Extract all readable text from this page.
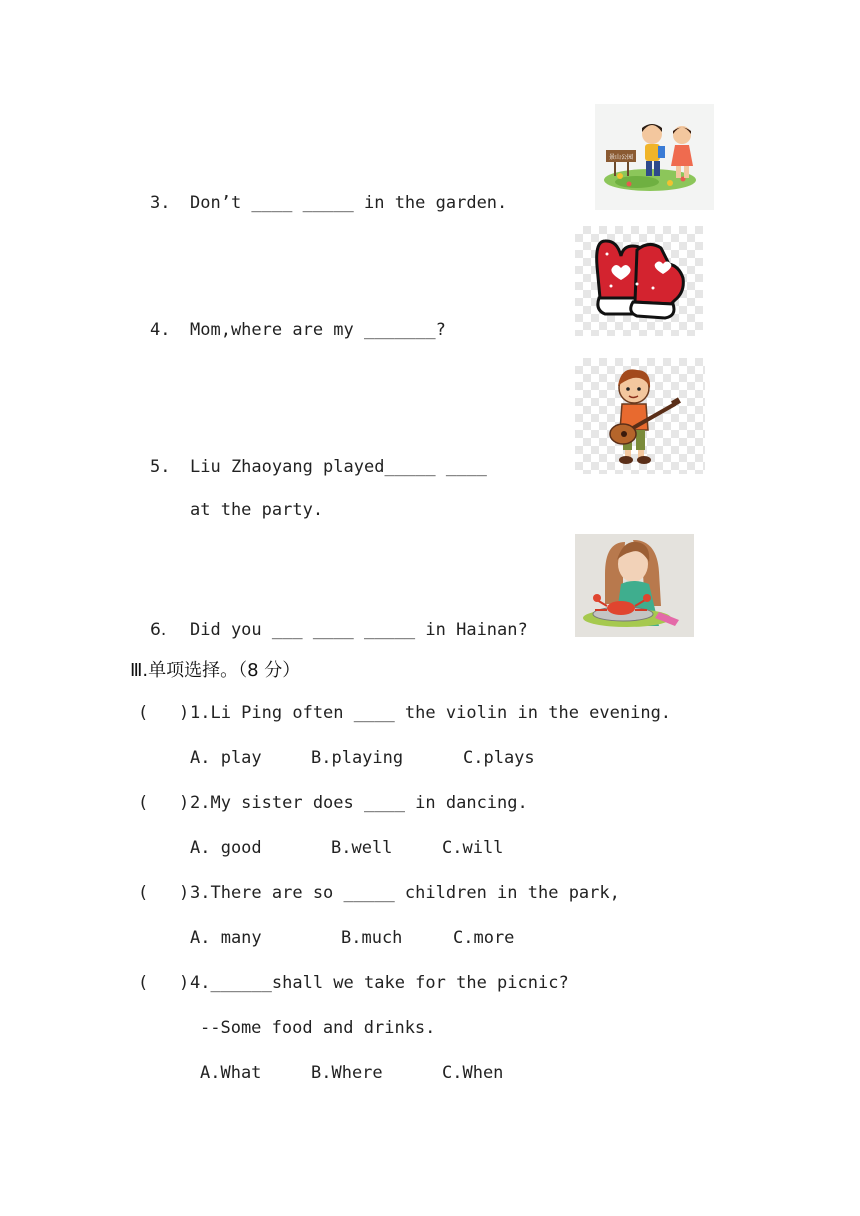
3. Don’t ____ _____ in the garden.
4. Mom,where are my _______?
5. Liu Zhaoyang played_____ ____
at the party.
6. Did you ___ ____ _____ in Hainan?
景山公园
Ⅲ.单项选择。（8 分）
(   ) 1.Li Ping often ____ the violin in the evening.
A. play	B.playing	C.plays
(   ) 2.My sister does ____ in dancing.
A. good	B.well	C.will
(   ) 3.There are so _____ children in the park,
A. many	B.much	C.more
(   ) 4.______shall we take for the picnic?
--Some food and drinks.
A.What	B.Where	C.When
